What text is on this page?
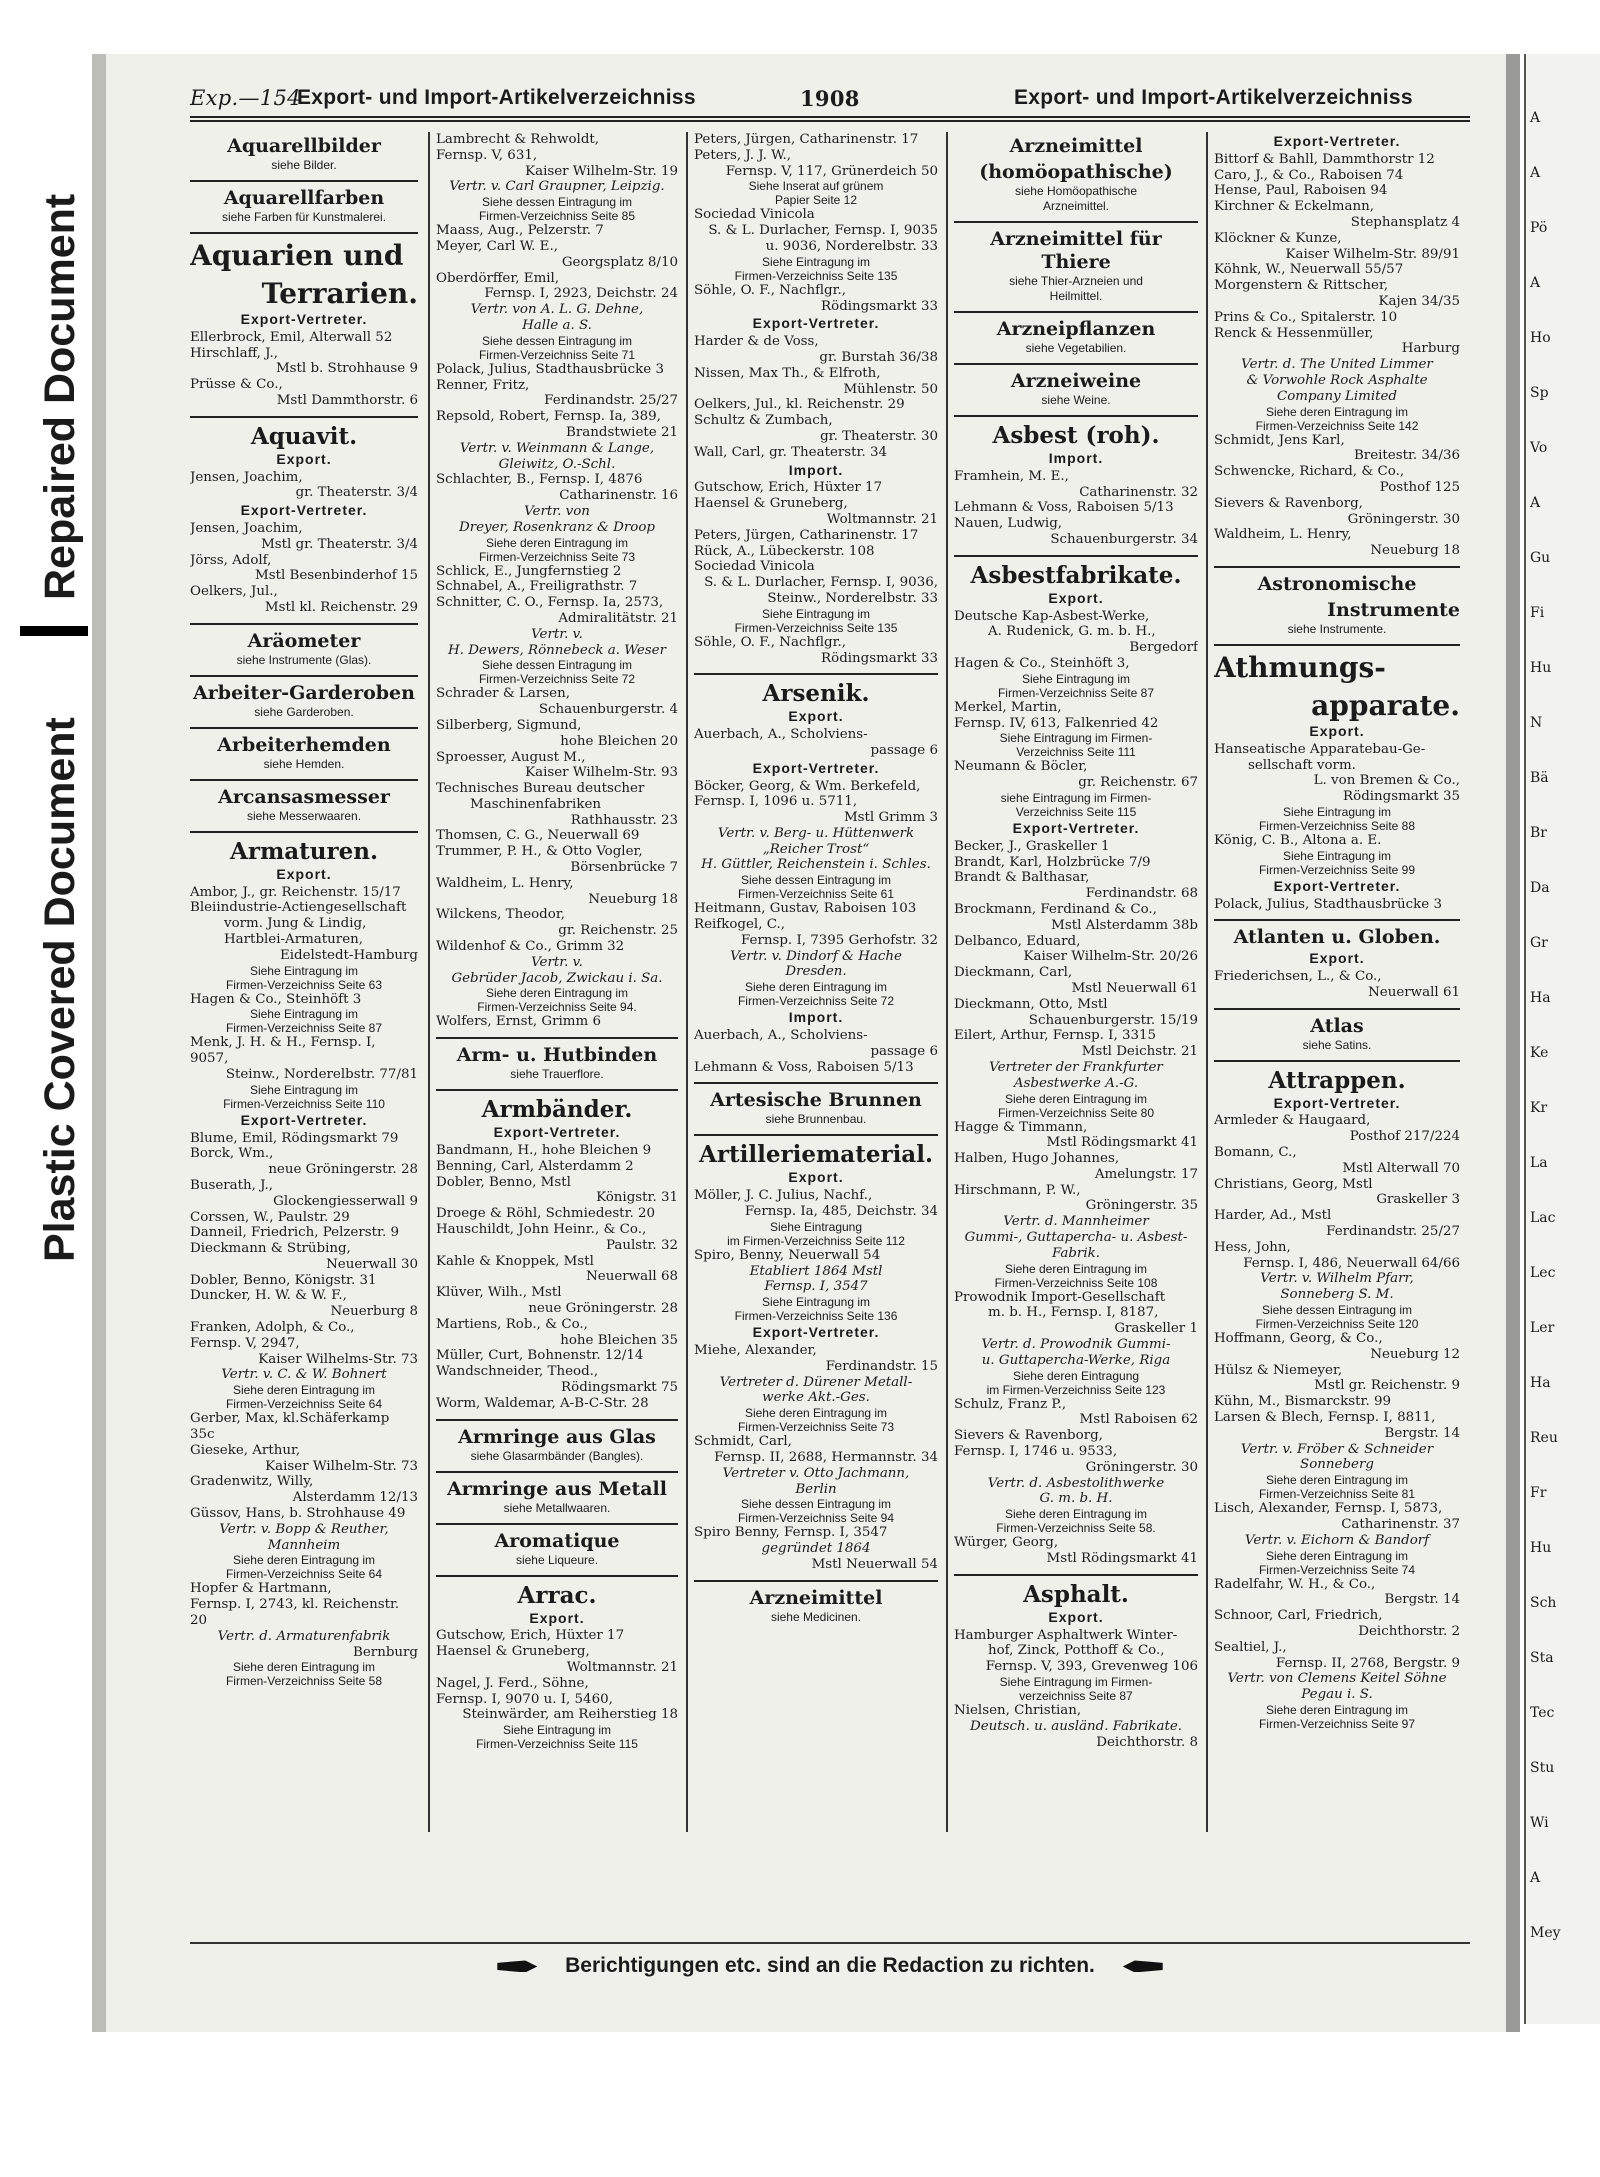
Repaired Document
Plastic Covered Document
Exp.—154
Export- und Import-Artikelverzeichniss	1908	Export- und Import-Artikelverzeichniss
Aquarellbilder
siehe Bilder.
Aquarellfarben
siehe Farben für Kunstmalerei.
Aquarien und
Terrarien.
Export-Vertreter.
Ellerbrock, Emil, Alterwall 52
Hirschlaff, J.,
Mstl b. Strohhause 9
Prüsse & Co.,
Mstl Dammthorstr. 6
Aquavit.
Export.
Jensen, Joachim,
gr. Theaterstr. 3/4
Export-Vertreter.
Jensen, Joachim,
Mstl gr. Theaterstr. 3/4
Jörss, Adolf,
Mstl Besenbinderhof 15
Oelkers, Jul.,
Mstl kl. Reichenstr. 29
Aräometer
siehe Instrumente (Glas).
Arbeiter-Garderoben
siehe Garderoben.
Arbeiterhemden
siehe Hemden.
Arcansasmesser
siehe Messerwaaren.
Armaturen.
Export.
Ambor, J., gr. Reichenstr. 15/17
Bleiindustrie-Actiengesellschaft
vorm. Jung & Lindig,
Hartblei-Armaturen,
Eidelstedt-Hamburg
Siehe Eintragung im
Firmen-Verzeichniss Seite 63
Hagen & Co., Steinhöft 3
Siehe Eintragung im
Firmen-Verzeichniss Seite 87
Menk, J. H. & H., Fernsp. I, 9057,
Steinw., Norderelbstr. 77/81
Siehe Eintragung im
Firmen-Verzeichniss Seite 110
Export-Vertreter.
Blume, Emil, Rödingsmarkt 79
Borck, Wm.,
neue Gröningerstr. 28
Buserath, J.,
Glockengiesserwall 9
Corssen, W., Paulstr. 29
Danneil, Friedrich, Pelzerstr. 9
Dieckmann & Strübing,
Neuerwall 30
Dobler, Benno, Königstr. 31
Duncker, H. W. & W. F.,
Neuerburg 8
Franken, Adolph, & Co.,
Fernsp. V, 2947,
Kaiser Wilhelms-Str. 73
Vertr. v. C. & W. Bohnert
Siehe deren Eintragung im
Firmen-Verzeichniss Seite 64
Gerber, Max, kl.Schäferkamp 35c
Gieseke, Arthur,
Kaiser Wilhelm-Str. 73
Gradenwitz, Willy,
Alsterdamm 12/13
Güssov, Hans, b. Strohhause 49
Vertr. v. Bopp & Reuther,
Mannheim
Siehe deren Eintragung im
Firmen-Verzeichniss Seite 64
Hopfer & Hartmann,
Fernsp. I, 2743, kl. Reichenstr. 20
Vertr. d. Armaturenfabrik
Bernburg
Siehe deren Eintragung im
Firmen-Verzeichniss Seite 58
Lambrecht & Rehwoldt,
Fernsp. V, 631,
Kaiser Wilhelm-Str. 19
Vertr. v. Carl Graupner, Leipzig.
Siehe dessen Eintragung im
Firmen-Verzeichniss Seite 85
Maass, Aug., Pelzerstr. 7
Meyer, Carl W. E.,
Georgsplatz 8/10
Oberdörffer, Emil,
Fernsp. I, 2923, Deichstr. 24
Vertr. von A. L. G. Dehne,
Halle a. S.
Siehe dessen Eintragung im
Firmen-Verzeichniss Seite 71
Polack, Julius, Stadthausbrücke 3
Renner, Fritz,
Ferdinandstr. 25/27
Repsold, Robert, Fernsp. Ia, 389,
Brandstwiete 21
Vertr. v. Weinmann & Lange,
Gleiwitz, O.-Schl.
Schlachter, B., Fernsp. I, 4876
Catharinenstr. 16
Vertr. von
Dreyer, Rosenkranz & Droop
Siehe deren Eintragung im
Firmen-Verzeichniss Seite 73
Schlick, E., Jungfernstieg 2
Schnabel, A., Freiligrathstr. 7
Schnitter, C. O., Fernsp. Ia, 2573,
Admiralitätstr. 21
Vertr. v.
H. Dewers, Rönnebeck a. Weser
Siehe dessen Eintragung im
Firmen-Verzeichniss Seite 72
Schrader & Larsen,
Schauenburgerstr. 4
Silberberg, Sigmund,
hohe Bleichen 20
Sproesser, August M.,
Kaiser Wilhelm-Str. 93
Technisches Bureau deutscher
Maschinenfabriken
Rathhausstr. 23
Thomsen, C. G., Neuerwall 69
Trummer, P. H., & Otto Vogler,
Börsenbrücke 7
Waldheim, L. Henry,
Neueburg 18
Wilckens, Theodor,
gr. Reichenstr. 25
Wildenhof & Co., Grimm 32
Vertr. v.
Gebrüder Jacob, Zwickau i. Sa.
Siehe deren Eintragung im
Firmen-Verzeichniss Seite 94.
Wolfers, Ernst, Grimm 6
Arm- u. Hutbinden
siehe Trauerflore.
Armbänder.
Export-Vertreter.
Bandmann, H., hohe Bleichen 9
Benning, Carl, Alsterdamm 2
Dobler, Benno, Mstl
Königstr. 31
Droege & Röhl, Schmiedestr. 20
Hauschildt, John Heinr., & Co.,
Paulstr. 32
Kahle & Knoppek, Mstl
Neuerwall 68
Klüver, Wilh., Mstl
neue Gröningerstr. 28
Martiens, Rob., & Co.,
hohe Bleichen 35
Müller, Curt, Bohnenstr. 12/14
Wandschneider, Theod.,
Rödingsmarkt 75
Worm, Waldemar, A-B-C-Str. 28
Armringe aus Glas
siehe Glasarmbänder (Bangles).
Armringe aus Metall
siehe Metallwaaren.
Aromatique
siehe Liqueure.
Arrac.
Export.
Gutschow, Erich, Hüxter 17
Haensel & Gruneberg,
Woltmannstr. 21
Nagel, J. Ferd., Söhne,
Fernsp. I, 9070 u. I, 5460,
Steinwärder, am Reiherstieg 18
Siehe Eintragung im
Firmen-Verzeichniss Seite 115
Peters, Jürgen, Catharinenstr. 17
Peters, J. J. W.,
Fernsp. V, 117, Grünerdeich 50
Siehe Inserat auf grünem
Papier Seite 12
Sociedad Vinicola
S. & L. Durlacher, Fernsp. I, 9035
u. 9036, Norderelbstr. 33
Siehe Eintragung im
Firmen-Verzeichniss Seite 135
Söhle, O. F., Nachflgr.,
Rödingsmarkt 33
Export-Vertreter.
Harder & de Voss,
gr. Burstah 36/38
Nissen, Max Th., & Elfroth,
Mühlenstr. 50
Oelkers, Jul., kl. Reichenstr. 29
Schultz & Zumbach,
gr. Theaterstr. 30
Wall, Carl, gr. Theaterstr. 34
Import.
Gutschow, Erich, Hüxter 17
Haensel & Gruneberg,
Woltmannstr. 21
Peters, Jürgen, Catharinenstr. 17
Rück, A., Lübeckerstr. 108
Sociedad Vinicola
S. & L. Durlacher, Fernsp. I, 9036,
Steinw., Norderelbstr. 33
Siehe Eintragung im
Firmen-Verzeichniss Seite 135
Söhle, O. F., Nachflgr.,
Rödingsmarkt 33
Arsenik.
Export.
Auerbach, A., Scholviens-
passage 6
Export-Vertreter.
Böcker, Georg, & Wm. Berkefeld,
Fernsp. I, 1096 u. 5711,
Mstl Grimm 3
Vertr. v. Berg- u. Hüttenwerk
„Reicher Trost“
H. Güttler, Reichenstein i. Schles.
Siehe dessen Eintragung im
Firmen-Verzeichniss Seite 61
Heitmann, Gustav, Raboisen 103
Reifkogel, C.,
Fernsp. I, 7395 Gerhofstr. 32
Vertr. v. Dindorf & Hache
Dresden.
Siehe deren Eintragung im
Firmen-Verzeichniss Seite 72
Import.
Auerbach, A., Scholviens-
passage 6
Lehmann & Voss, Raboisen 5/13
Artesische Brunnen
siehe Brunnenbau.
Artilleriematerial.
Export.
Möller, J. C. Julius, Nachf.,
Fernsp. Ia, 485, Deichstr. 34
Siehe Eintragung
im Firmen-Verzeichniss Seite 112
Spiro, Benny, Neuerwall 54
Etabliert 1864 Mstl
Fernsp. I, 3547
Siehe Eintragung im
Firmen-Verzeichniss Seite 136
Export-Vertreter.
Miehe, Alexander,
Ferdinandstr. 15
Vertreter d. Dürener Metall-
werke Akt.-Ges.
Siehe deren Eintragung im
Firmen-Verzeichniss Seite 73
Schmidt, Carl,
Fernsp. II, 2688, Hermannstr. 34
Vertreter v. Otto Jachmann,
Berlin
Siehe dessen Eintragung im
Firmen-Verzeichniss Seite 94
Spiro Benny, Fernsp. I, 3547
gegründet 1864
Mstl Neuerwall 54
Arzneimittel
siehe Medicinen.
Arzneimittel
(homöopathische)
siehe Homöopathische
Arzneimittel.
Arzneimittel für Thiere
siehe Thier-Arzneien und
Heilmittel.
Arzneipflanzen
siehe Vegetabilien.
Arzneiweine
siehe Weine.
Asbest (roh).
Import.
Framhein, M. E.,
Catharinenstr. 32
Lehmann & Voss, Raboisen 5/13
Nauen, Ludwig,
Schauenburgerstr. 34
Asbestfabrikate.
Export.
Deutsche Kap-Asbest-Werke,
A. Rudenick, G. m. b. H.,
Bergedorf
Hagen & Co., Steinhöft 3,
Siehe Eintragung im
Firmen-Verzeichniss Seite 87
Merkel, Martin,
Fernsp. IV, 613, Falkenried 42
Siehe Eintragung im Firmen-
Verzeichniss Seite 111
Neumann & Böcler,
gr. Reichenstr. 67
siehe Eintragung im Firmen-
Verzeichniss Seite 115
Export-Vertreter.
Becker, J., Graskeller 1
Brandt, Karl, Holzbrücke 7/9
Brandt & Balthasar,
Ferdinandstr. 68
Brockmann, Ferdinand & Co.,
Mstl Alsterdamm 38b
Delbanco, Eduard,
Kaiser Wilhelm-Str. 20/26
Dieckmann, Carl,
Mstl Neuerwall 61
Dieckmann, Otto, Mstl
Schauenburgerstr. 15/19
Eilert, Arthur, Fernsp. I, 3315
Mstl Deichstr. 21
Vertreter der Frankfurter
Asbestwerke A.-G.
Siehe deren Eintragung im
Firmen-Verzeichniss Seite 80
Hagge & Timmann,
Mstl Rödingsmarkt 41
Halben, Hugo Johannes,
Amelungstr. 17
Hirschmann, P. W.,
Gröningerstr. 35
Vertr. d. Mannheimer
Gummi-, Guttapercha- u. Asbest-
Fabrik.
Siehe deren Eintragung im
Firmen-Verzeichniss Seite 108
Prowodnik Import-Gesellschaft
m. b. H., Fernsp. I, 8187,
Graskeller 1
Vertr. d. Prowodnik Gummi-
u. Guttapercha-Werke, Riga
Siehe deren Eintragung
im Firmen-Verzeichniss Seite 123
Schulz, Franz P.,
Mstl Raboisen 62
Sievers & Ravenborg,
Fernsp. I, 1746 u. 9533,
Gröningerstr. 30
Vertr. d. Asbestolithwerke
G. m. b. H.
Siehe deren Eintragung im
Firmen-Verzeichniss Seite 58.
Würger, Georg,
Mstl Rödingsmarkt 41
Asphalt.
Export.
Hamburger Asphaltwerk Winter-
hof, Zinck, Potthoff & Co.,
Fernsp. V, 393, Grevenweg 106
Siehe Eintragung im Firmen-
verzeichniss Seite 87
Nielsen, Christian,
Deutsch. u. ausländ. Fabrikate.
Deichthorstr. 8
Export-Vertreter.
Bittorf & Bahll, Dammthorstr 12
Caro, J., & Co., Raboisen 74
Hense, Paul, Raboisen 94
Kirchner & Eckelmann,
Stephansplatz 4
Klöckner & Kunze,
Kaiser Wilhelm-Str. 89/91
Köhnk, W., Neuerwall 55/57
Morgenstern & Rittscher,
Kajen 34/35
Prins & Co., Spitalerstr. 10
Renck & Hessenmüller,
Harburg
Vertr. d. The United Limmer
& Vorwohle Rock Asphalte
Company Limited
Siehe deren Eintragung im
Firmen-Verzeichniss Seite 142
Schmidt, Jens Karl,
Breitestr. 34/36
Schwencke, Richard, & Co.,
Posthof 125
Sievers & Ravenborg,
Gröningerstr. 30
Waldheim, L. Henry,
Neueburg 18
Astronomische
Instrumente
siehe Instrumente.
Athmungs-
apparate.
Export.
Hanseatische Apparatebau-Ge-
sellschaft vorm.
L. von Bremen & Co.,
Rödingsmarkt 35
Siehe Eintragung im
Firmen-Verzeichniss Seite 88
König, C. B., Altona a. E.
Siehe Eintragung im
Firmen-Verzeichniss Seite 99
Export-Vertreter.
Polack, Julius, Stadthausbrücke 3
Atlanten u. Globen.
Export.
Friederichsen, L., & Co.,
Neuerwall 61
Atlas
siehe Satins.
Attrappen.
Export-Vertreter.
Armleder & Haugaard,
Posthof 217/224
Bomann, C.,
Mstl Alterwall 70
Christians, Georg, Mstl
Graskeller 3
Harder, Ad., Mstl
Ferdinandstr. 25/27
Hess, John,
Fernsp. I, 486, Neuerwall 64/66
Vertr. v. Wilhelm Pfarr,
Sonneberg S. M.
Siehe dessen Eintragung im
Firmen-Verzeichniss Seite 120
Hoffmann, Georg, & Co.,
Neueburg 12
Hülsz & Niemeyer,
Mstl gr. Reichenstr. 9
Kühn, M., Bismarckstr. 99
Larsen & Blech, Fernsp. I, 8811,
Bergstr. 14
Vertr. v. Fröber & Schneider
Sonneberg
Siehe deren Eintragung im
Firmen-Verzeichniss Seite 81
Lisch, Alexander, Fernsp. I, 5873,
Catharinenstr. 37
Vertr. v. Eichorn & Bandorf
Siehe deren Eintragung im
Firmen-Verzeichniss Seite 74
Radelfahr, W. H., & Co.,
Bergstr. 14
Schnoor, Carl, Friedrich,
Deichthorstr. 2
Sealtiel, J.,
Fernsp. II, 2768, Bergstr. 9
Vertr. von Clemens Keitel Söhne
Pegau i. S.
Siehe deren Eintragung im
Firmen-Verzeichniss Seite 97
Berichtigungen etc. sind an die Redaction zu richten.
A
A
Pö
A
Ho
Sp
Vo
A
Gu
Fi
Hu
N
Bä
Br
Da
Gr
Ha
Ke
Kr
La
Lac
Lec
Ler
Ha
Reu
Fr
Hu
Sch
Sta
Tec
Stu
Wi
A
Mey
